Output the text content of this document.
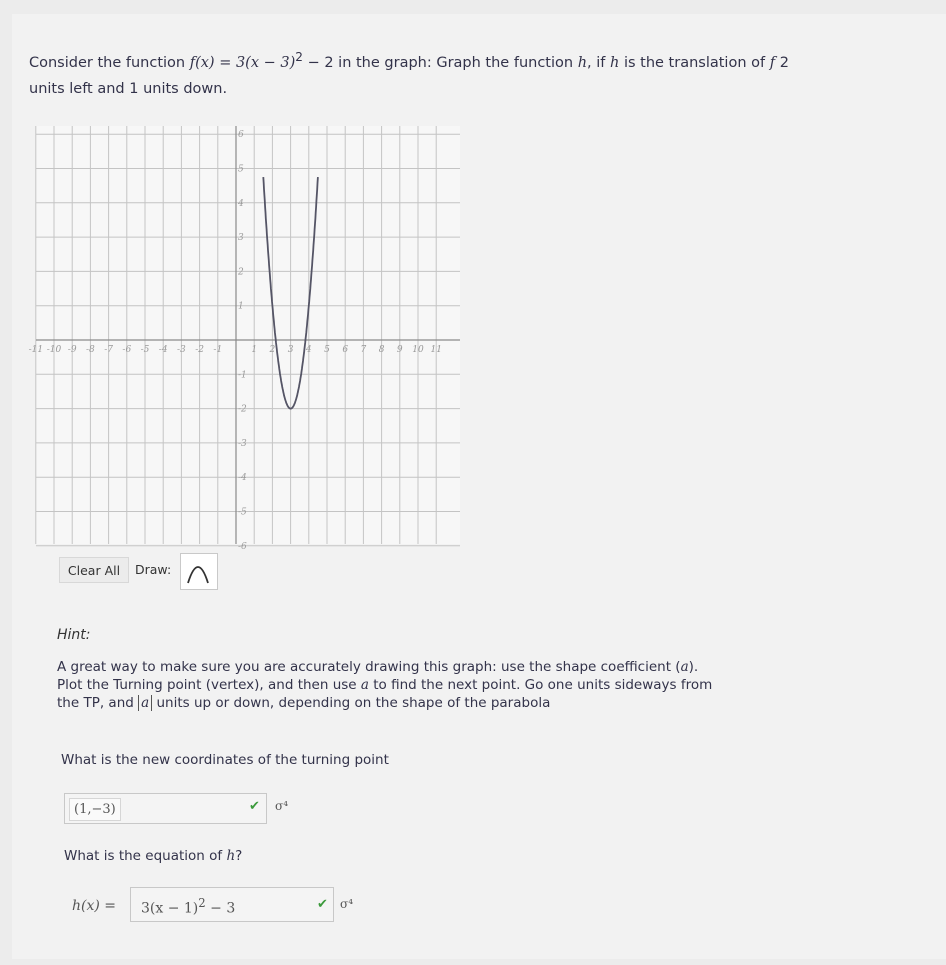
Consider the function $f(x) = 3(x - 3)^2 - 2$ in the graph: Graph the function h, if h is the translation of f 2 units left and 1 units down.
-11 -10 -9 -8 -7 -6 -5 -4 -3 -2 -1	1 2 3 4 5 6 7 8 9 10 11
6
5
4
3
2
1
-1
-2
-3
-4
-5
-6
Clear All	Draw:
Hint:
A great way to make sure you are accurately drawing this graph: use the shape coefficient (a).
Plot the Turning point (vertex), and then use a to find the next point. Go one units sideways from
the TP, and a units up or down, depending on the shape of the parabola
What is the new coordinates of the turning point
(1,−3)	✔ σ⁴
What is the equation of h?
$h(x) = 3(x - 1)^2 - 3$	✔ σ⁴
